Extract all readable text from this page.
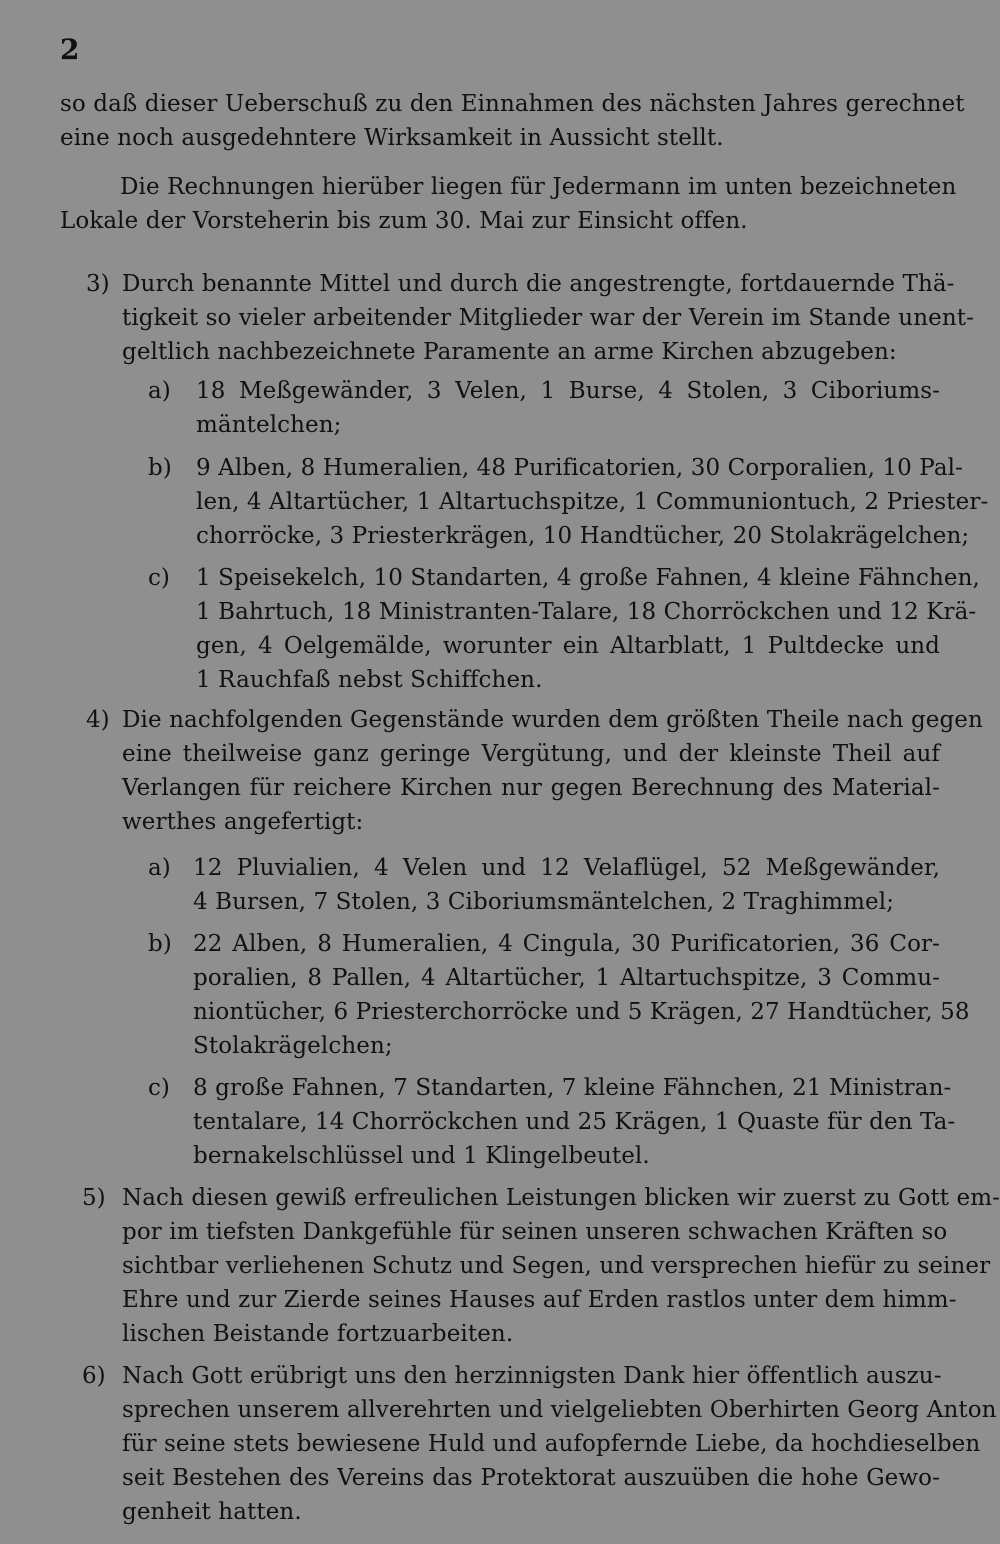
2
so daß dieser Ueberschuß zu den Einnahmen des nächsten Jahres gerechnet
eine noch ausgedehntere Wirksamkeit in Aussicht stellt.
Die Rechnungen hierüber liegen für Jedermann im unten bezeichneten
Lokale der Vorsteherin bis zum 30. Mai zur Einsicht offen.
3) Durch benannte Mittel und durch die angestrengte, fortdauernde Thä-
tigkeit so vieler arbeitender Mitglieder war der Verein im Stande unent-
geltlich nachbezeichnete Paramente an arme Kirchen abzugeben:
a) 18 Meßgewänder, 3 Velen, 1 Burse, 4 Stolen, 3 Ciboriums-
mäntelchen;
b) 9 Alben, 8 Humeralien, 48 Purificatorien, 30 Corporalien, 10 Pal-
len, 4 Altartücher, 1 Altartuchspitze, 1 Communiontuch, 2 Priester-
chorröcke, 3 Priesterkrägen, 10 Handtücher, 20 Stolakrägelchen;
c) 1 Speisekelch, 10 Standarten, 4 große Fahnen, 4 kleine Fähnchen,
1 Bahrtuch, 18 Ministranten-Talare, 18 Chorröckchen und 12 Krä-
gen, 4 Oelgemälde, worunter ein Altarblatt, 1 Pultdecke und
1 Rauchfaß nebst Schiffchen.
4) Die nachfolgenden Gegenstände wurden dem größten Theile nach gegen
eine theilweise ganz geringe Vergütung, und der kleinste Theil auf
Verlangen für reichere Kirchen nur gegen Berechnung des Material-
werthes angefertigt:
a) 12 Pluvialien, 4 Velen und 12 Velaflügel, 52 Meßgewänder,
4 Bursen, 7 Stolen, 3 Ciboriumsmäntelchen, 2 Traghimmel;
b) 22 Alben, 8 Humeralien, 4 Cingula, 30 Purificatorien, 36 Cor-
poralien, 8 Pallen, 4 Altartücher, 1 Altartuchspitze, 3 Commu-
niontücher, 6 Priesterchorröcke und 5 Krägen, 27 Handtücher, 58
Stolakrägelchen;
c) 8 große Fahnen, 7 Standarten, 7 kleine Fähnchen, 21 Ministran-
tentalare, 14 Chorröckchen und 25 Krägen, 1 Quaste für den Ta-
bernakelschlüssel und 1 Klingelbeutel.
5) Nach diesen gewiß erfreulichen Leistungen blicken wir zuerst zu Gott em-
por im tiefsten Dankgefühle für seinen unseren schwachen Kräften so
sichtbar verliehenen Schutz und Segen, und versprechen hiefür zu seiner
Ehre und zur Zierde seines Hauses auf Erden rastlos unter dem himm-
lischen Beistande fortzuarbeiten.
6) Nach Gott erübrigt uns den herzinnigsten Dank hier öffentlich auszu-
sprechen unserem allverehrten und vielgeliebten Oberhirten Georg Anton
für seine stets bewiesene Huld und aufopfernde Liebe, da hochdieselben
seit Bestehen des Vereins das Protektorat auszuüben die hohe Gewo-
genheit hatten.
